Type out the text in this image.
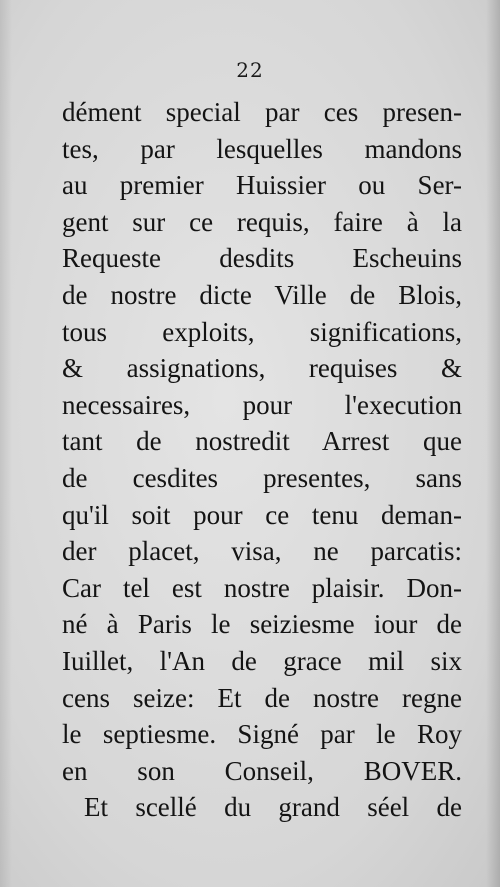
22
dément special par ces presen-
tes, par lesquelles mandons
au premier Huissier ou Ser-
gent sur ce requis, faire à la
Requeste desdits Escheuins
de nostre dicte Ville de Blois,
tous exploits, significations,
& assignations, requises &
necessaires, pour l'execution
tant de nostredit Arrest que
de cesdites presentes, sans
qu'il soit pour ce tenu deman-
der placet, visa, ne parcatis:
Car tel est nostre plaisir. Don-
né à Paris le seiziesme iour de
Iuillet, l'An de grace mil six
cens seize: Et de nostre regne
le septiesme. Signé par le Roy
en son Conseil, BOVER.
Et scellé du grand séel de
